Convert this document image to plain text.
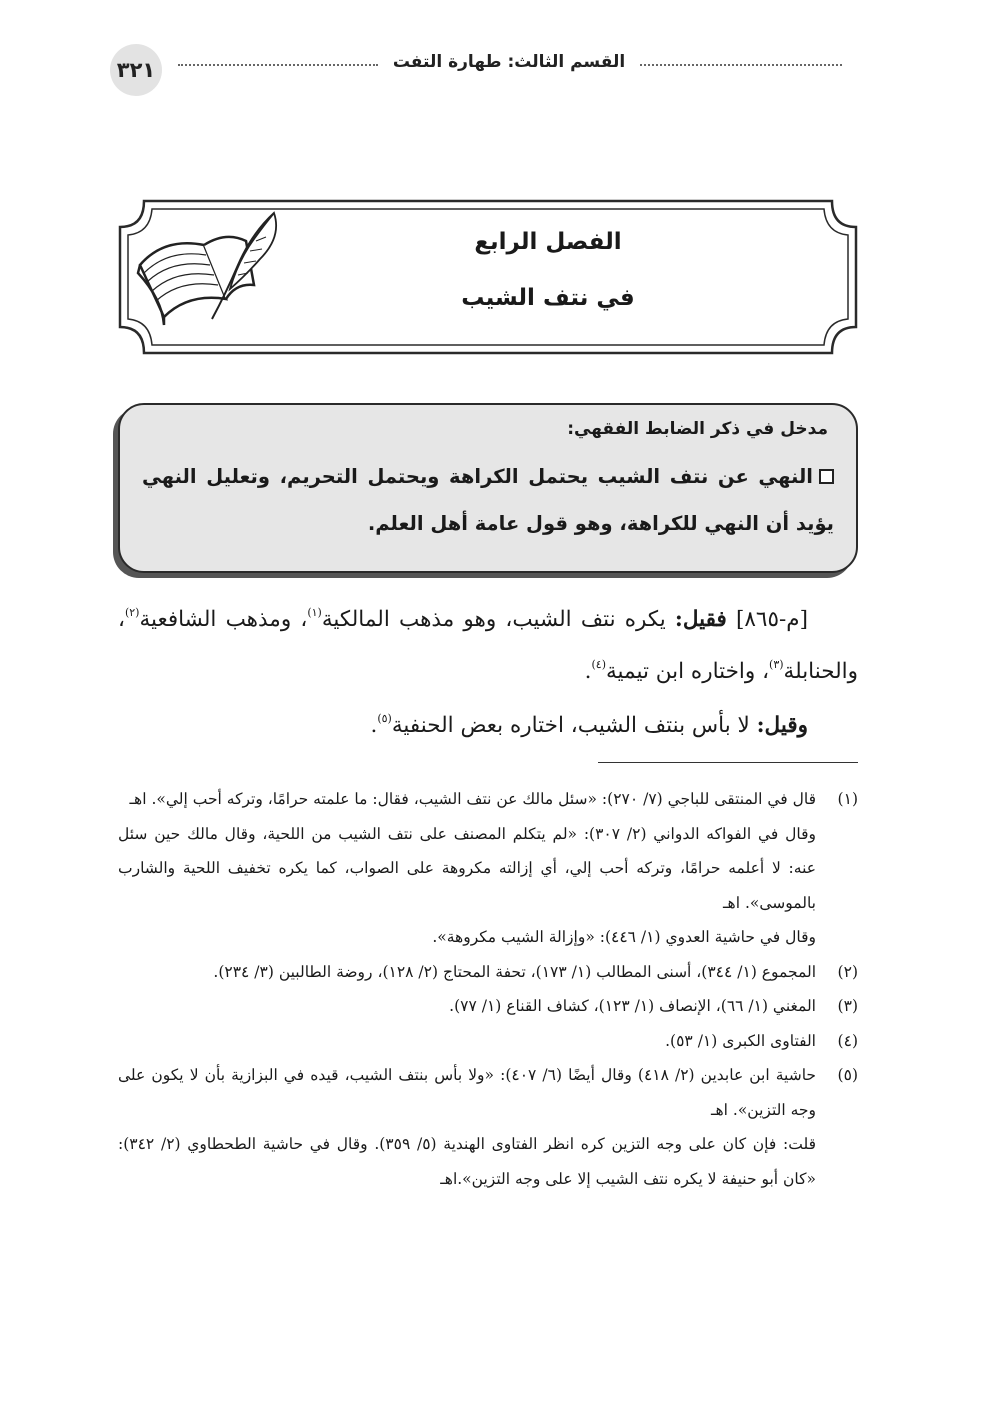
٣٢١	القسم الثالث: طهارة التفت
الفصل الرابع
في نتف الشيب
مدخل في ذكر الضابط الفقهي:
النهي عن نتف الشيب يحتمل الكراهة ويحتمل التحريم، وتعليل النهي يؤيد أن النهي للكراهة، وهو قول عامة أهل العلم.
[م-٨٦٥] فقيل: يكره نتف الشيب، وهو مذهب المالكية$^{(١)}$، ومذهب الشافعية$^{(٢)}$، والحنابلة$^{(٣)}$، واختاره ابن تيمية$^{(٤)}$.
وقيل: لا بأس بنتف الشيب، اختاره بعض الحنفية$^{(٥)}$.
(١)
قال في المنتقى للباجي (٧/ ٢٧٠): «سئل مالك عن نتف الشيب، فقال: ما علمته حرامًا، وتركه أحب إلي». اهـ
وقال في الفواكه الدواني (٢/ ٣٠٧): «لم يتكلم المصنف على نتف الشيب من اللحية، وقال مالك حين سئل عنه: لا أعلمه حرامًا، وتركه أحب إلي، أي إزالته مكروهة على الصواب، كما يكره تخفيف اللحية والشارب بالموسى». اهـ
وقال في حاشية العدوي (١/ ٤٤٦): «وإزالة الشيب مكروهة».
(٢)
المجموع (١/ ٣٤٤)، أسنى المطالب (١/ ١٧٣)، تحفة المحتاج (٢/ ١٢٨)، روضة الطالبين (٣/ ٢٣٤).
(٣)
المغني (١/ ٦٦)، الإنصاف (١/ ١٢٣)، كشاف القناع (١/ ٧٧).
(٤)
الفتاوى الكبرى (١/ ٥٣).
(٥)
حاشية ابن عابدين (٢/ ٤١٨) وقال أيضًا (٦/ ٤٠٧): «ولا بأس بنتف الشيب، قيده في البزازية بأن لا يكون على وجه التزين». اهـ
قلت: فإن كان على وجه التزين كره انظر الفتاوى الهندية (٥/ ٣٥٩). وقال في حاشية الطحطاوي (٢/ ٣٤٢): «كان أبو حنيفة لا يكره نتف الشيب إلا على وجه التزين».اهـ
